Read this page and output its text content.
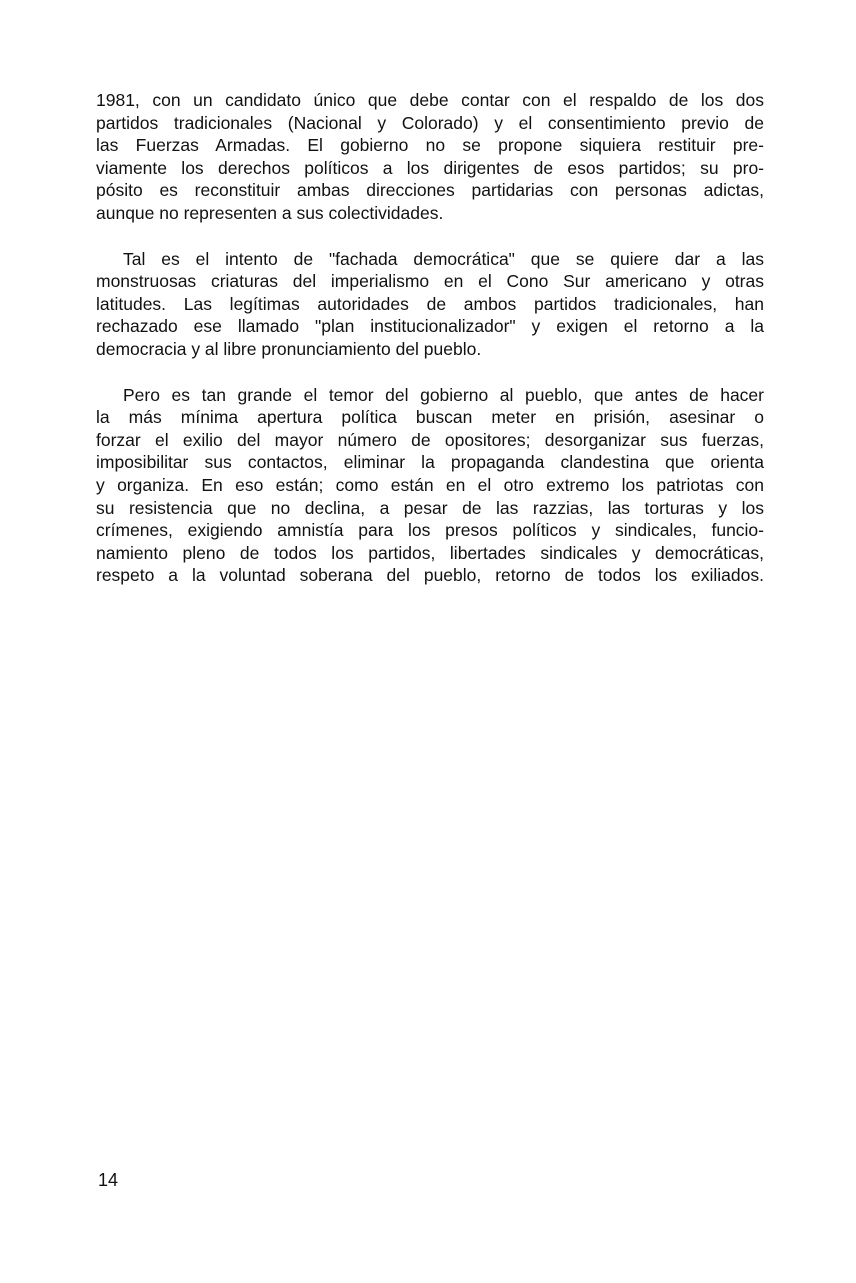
1981, con un candidato único que debe contar con el respaldo de los dos
partidos tradicionales (Nacional y Colorado) y el consentimiento previo de
las Fuerzas Armadas. El gobierno no se propone siquiera restituir pre-
viamente los derechos políticos a los dirigentes de esos partidos; su pro-
pósito es reconstituir ambas direcciones partidarias con personas adictas,
aunque no representen a sus colectividades.

Tal es el intento de "fachada democrática" que se quiere dar a las
monstruosas criaturas del imperialismo en el Cono Sur americano y otras
latitudes. Las legítimas autoridades de ambos partidos tradicionales, han
rechazado ese llamado "plan institucionalizador" y exigen el retorno a la
democracia y al libre pronunciamiento del pueblo.

Pero es tan grande el temor del gobierno al pueblo, que antes de hacer
la más mínima apertura política buscan meter en prisión, asesinar o
forzar el exilio del mayor número de opositores; desorganizar sus fuerzas,
imposibilitar sus contactos, eliminar la propaganda clandestina que orienta
y organiza. En eso están; como están en el otro extremo los patriotas con
su resistencia que no declina, a pesar de las razzias, las torturas y los
crímenes, exigiendo amnistía para los presos políticos y sindicales, funcio-
namiento pleno de todos los partidos, libertades sindicales y democráticas,
respeto a la voluntad soberana del pueblo, retorno de todos los exiliados.

14
